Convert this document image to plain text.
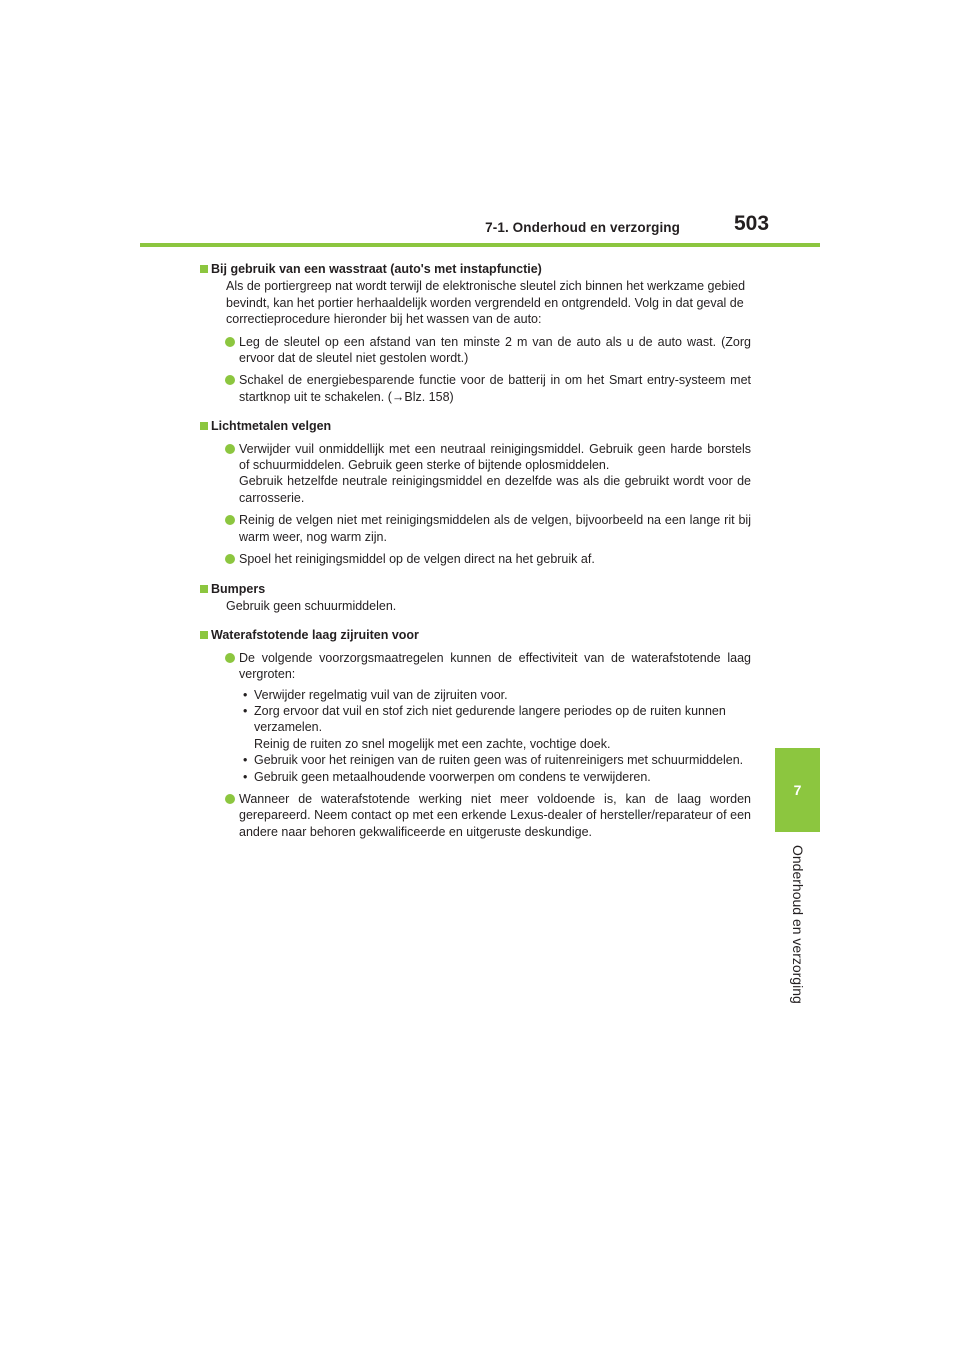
7-1. Onderhoud en verzorging	503
7
Onderhoud en verzorging
Bij gebruik van een wasstraat (auto's met instapfunctie)
Als de portiergreep nat wordt terwijl de elektronische sleutel zich binnen het werkzame gebied bevindt, kan het portier herhaaldelijk worden vergrendeld en ontgrendeld. Volg in dat geval de correctieprocedure hieronder bij het wassen van de auto:
Leg de sleutel op een afstand van ten minste 2 m van de auto als u de auto wast. (Zorg ervoor dat de sleutel niet gestolen wordt.)
Schakel de energiebesparende functie voor de batterij in om het Smart entry-systeem met startknop uit te schakelen. (→Blz. 158)
Lichtmetalen velgen
Verwijder vuil onmiddellijk met een neutraal reinigingsmiddel. Gebruik geen harde borstels of schuurmiddelen. Gebruik geen sterke of bijtende oplosmiddelen.
Gebruik hetzelfde neutrale reinigingsmiddel en dezelfde was als die gebruikt wordt voor de carrosserie.
Reinig de velgen niet met reinigingsmiddelen als de velgen, bijvoorbeeld na een lange rit bij warm weer, nog warm zijn.
Spoel het reinigingsmiddel op de velgen direct na het gebruik af.
Bumpers
Gebruik geen schuurmiddelen.
Waterafstotende laag zijruiten voor
De volgende voorzorgsmaatregelen kunnen de effectiviteit van de waterafstotende laag vergroten:
• Verwijder regelmatig vuil van de zijruiten voor.
• Zorg ervoor dat vuil en stof zich niet gedurende langere periodes op de ruiten kunnen verzamelen.
Reinig de ruiten zo snel mogelijk met een zachte, vochtige doek.
• Gebruik voor het reinigen van de ruiten geen was of ruitenreinigers met schuurmiddelen.
• Gebruik geen metaalhoudende voorwerpen om condens te verwijderen.
Wanneer de waterafstotende werking niet meer voldoende is, kan de laag worden gerepareerd. Neem contact op met een erkende Lexus-dealer of hersteller/reparateur of een andere naar behoren gekwalificeerde en uitgeruste deskundige.
